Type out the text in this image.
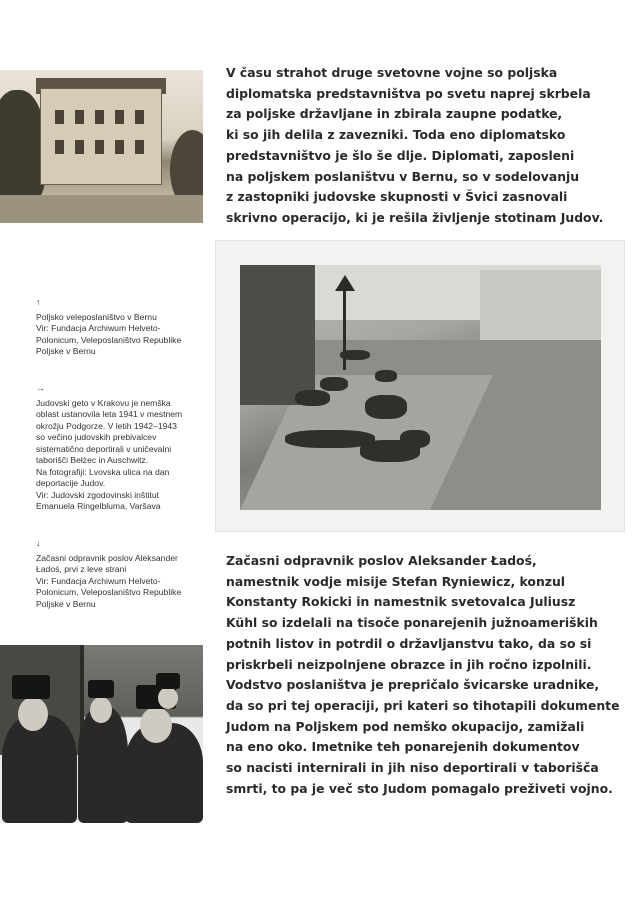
V času strahot druge svetovne vojne so poljska
diplomatska predstavništva po svetu naprej skrbela
za poljske državljane in zbirala zaupne podatke,
ki so jih delila z zavezniki. Toda eno diplomatsko
predstavništvo je šlo še dlje. Diplomati, zaposleni
na poljskem poslaništvu v Bernu, so v sodelovanju
z zastopniki judovske skupnosti v Švici zasnovali
skrivno operacijo, ki je rešila življenje stotinam Judov.
↑
Poljsko veleposlaništvo v Bernu
Vir: Fundacja Archiwum Helveto-
Polonicum, Veleposlaništvo Republike
Poljske v Bernu
→
Judovski geto v Krakovu je nemška
oblast ustanovila leta 1941 v mestnem
okrožju Podgorze. V letih 1942–1943
so večino judovskih prebivalcev
sistematično deportirali v uničevalni
taborišči Bełżec in Auschwitz.
Na fotografiji: Lvovska ulica na dan
deportacije Judov.
Vir: Judovski zgodovinski inštitut
Emanuela Ringelbluma, Varšava
↓
Začasni odpravnik poslov Aleksander
Ładoś, prvi z leve strani
Vir: Fundacja Archiwum Helveto-
Polonicum, Veleposlaništvo Republike
Poljske v Bernu
Začasni odpravnik poslov Aleksander Ładoś,
namestnik vodje misije Stefan Ryniewicz, konzul
Konstanty Rokicki in namestnik svetovalca Juliusz
Kühl so izdelali na tisoče ponarejenih južnoameriških
potnih listov in potrdil o državljanstvu tako, da so si
priskrbeli neizpolnjene obrazce in jih ročno izpolnili.
Vodstvo poslaništva je prepričalo švicarske uradnike,
da so pri tej operaciji, pri kateri so tihotapili dokumente
Judom na Poljskem pod nemško okupacijo, zamižali
na eno oko. Imetnike teh ponarejenih dokumentov
so nacisti internirali in jih niso deportirali v taborišča
smrti, to pa je več sto Judom pomagalo preživeti vojno.
